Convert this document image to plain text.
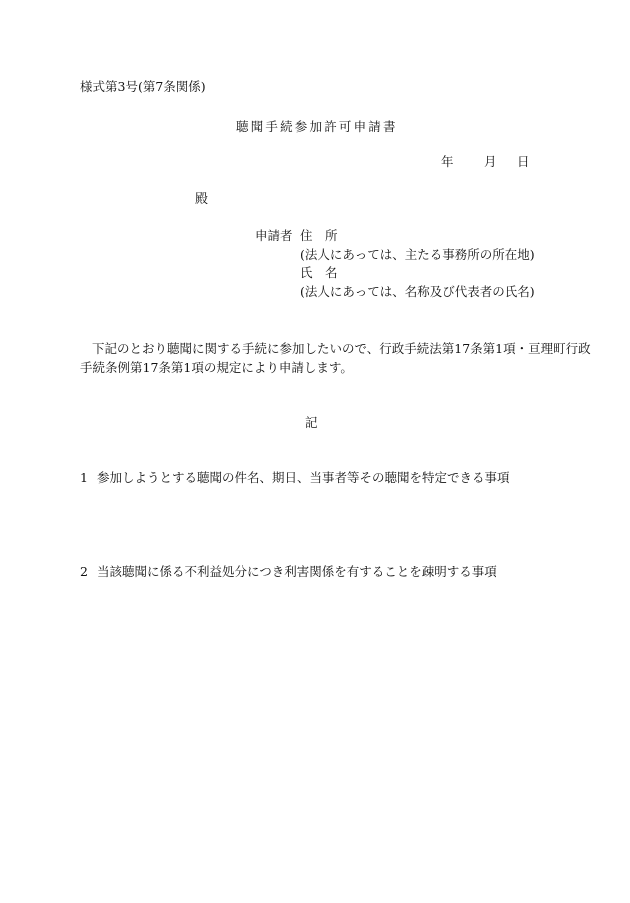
様式第3号(第7条関係)
聴聞手続参加許可申請書
年 月 日
殿
申請者 住　所
(法人にあっては、主たる事務所の所在地)
氏　名
(法人にあっては、名称及び代表者の氏名)
下記のとおり聴聞に関する手続に参加したいので、行政手続法第17条第1項・亘理町行政
手続条例第17条第1項の規定により申請します。
記
1 参加しようとする聴聞の件名、期日、当事者等その聴聞を特定できる事項
2 当該聴聞に係る不利益処分につき利害関係を有することを疎明する事項
